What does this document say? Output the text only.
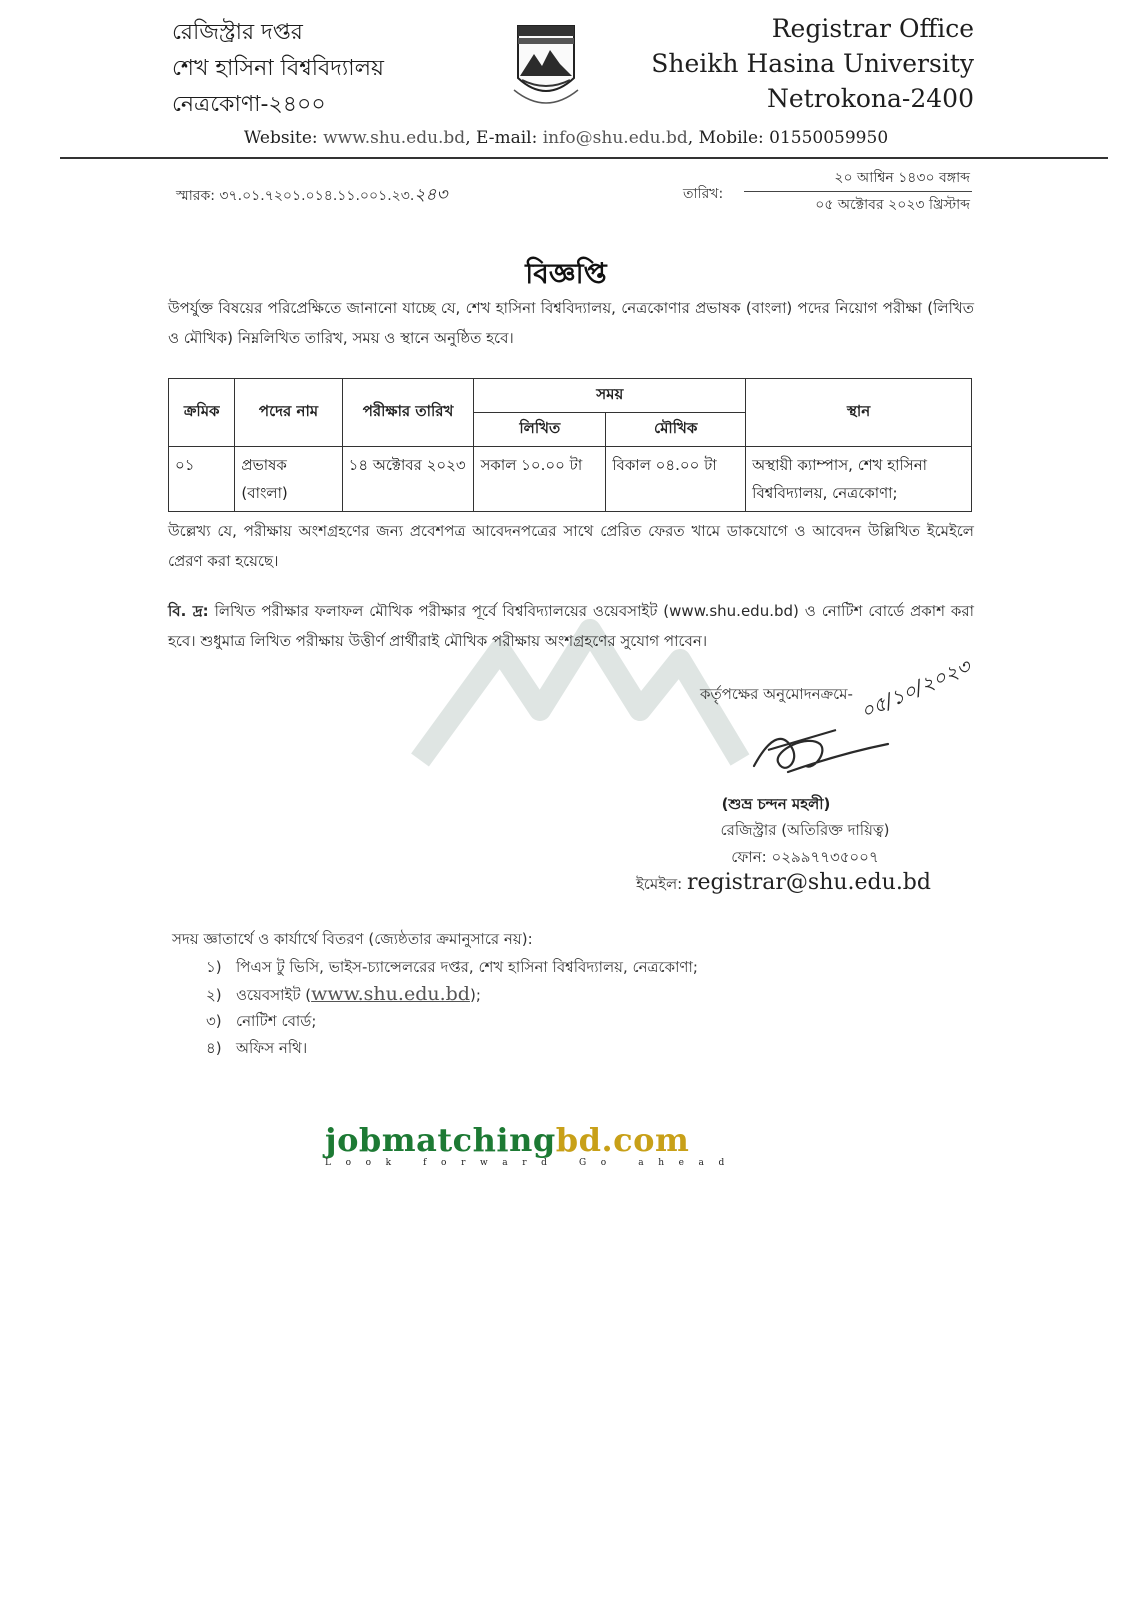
রেজিস্ট্রার দপ্তর
শেখ হাসিনা বিশ্ববিদ্যালয়
নেত্রকোণা-২৪০০
Registrar Office
Sheikh Hasina University
Netrokona-2400
Website: www.shu.edu.bd, E-mail: info@shu.edu.bd, Mobile: 01550059950
স্মারক: ৩৭.০১.৭২০১.০১৪.১১.০০১.২৩.২৪৩	তারিখ:
২০ আশ্বিন ১৪৩০ বঙ্গাব্দ
০৫ অক্টোবর ২০২৩ খ্রিস্টাব্দ
বিজ্ঞপ্তি
উপর্যুক্ত বিষয়ের পরিপ্রেক্ষিতে জানানো যাচ্ছে যে, শেখ হাসিনা বিশ্ববিদ্যালয়, নেত্রকোণার প্রভাষক (বাংলা) পদের নিয়োগ পরীক্ষা (লিখিত ও মৌখিক) নিম্নলিখিত তারিখ, সময় ও স্থানে অনুষ্ঠিত হবে।
ক্রমিক	পদের নাম	পরীক্ষার তারিখ	সময়		স্থান
			লিখিত	মৌখিক	
০১	প্রভাষক (বাংলা)	১৪ অক্টোবর ২০২৩	সকাল ১০.০০ টা	বিকাল ০৪.০০ টা	অস্থায়ী ক্যাম্পাস, শেখ হাসিনা বিশ্ববিদ্যালয়, নেত্রকোণা;
উল্লেখ্য যে, পরীক্ষায় অংশগ্রহণের জন্য প্রবেশপত্র আবেদনপত্রের সাথে প্রেরিত ফেরত খামে ডাকযোগে ও আবেদন উল্লিখিত ইমেইলে প্রেরণ করা হয়েছে।
বি. দ্র: লিখিত পরীক্ষার ফলাফল মৌখিক পরীক্ষার পূর্বে বিশ্ববিদ্যালয়ের ওয়েবসাইট (www.shu.edu.bd) ও নোটিশ বোর্ডে প্রকাশ করা হবে। শুধুমাত্র লিখিত পরীক্ষায় উত্তীর্ণ প্রার্থীরাই মৌখিক পরীক্ষায় অংশগ্রহণের সুযোগ পাবেন।
কর্তৃপক্ষের অনুমোদনক্রমে- ০৫/১০/২০২৩
(শুভ্র চন্দন মহলী)
রেজিস্ট্রার (অতিরিক্ত দায়িত্ব)
ফোন: ০২৯৯৭৭৩৫০০৭
ইমেইল: registrar@shu.edu.bd
সদয় জ্ঞাতার্থে ও কার্যার্থে বিতরণ (জ্যেষ্ঠতার ক্রমানুসারে নয়):
১) পিএস টু ভিসি, ভাইস-চ্যান্সেলরের দপ্তর, শেখ হাসিনা বিশ্ববিদ্যালয়, নেত্রকোণা;
২) ওয়েবসাইট (www.shu.edu.bd);
৩) নোটিশ বোর্ড;
৪) অফিস নথি।
jobmatchingbd.com
Look forward Go ahead
